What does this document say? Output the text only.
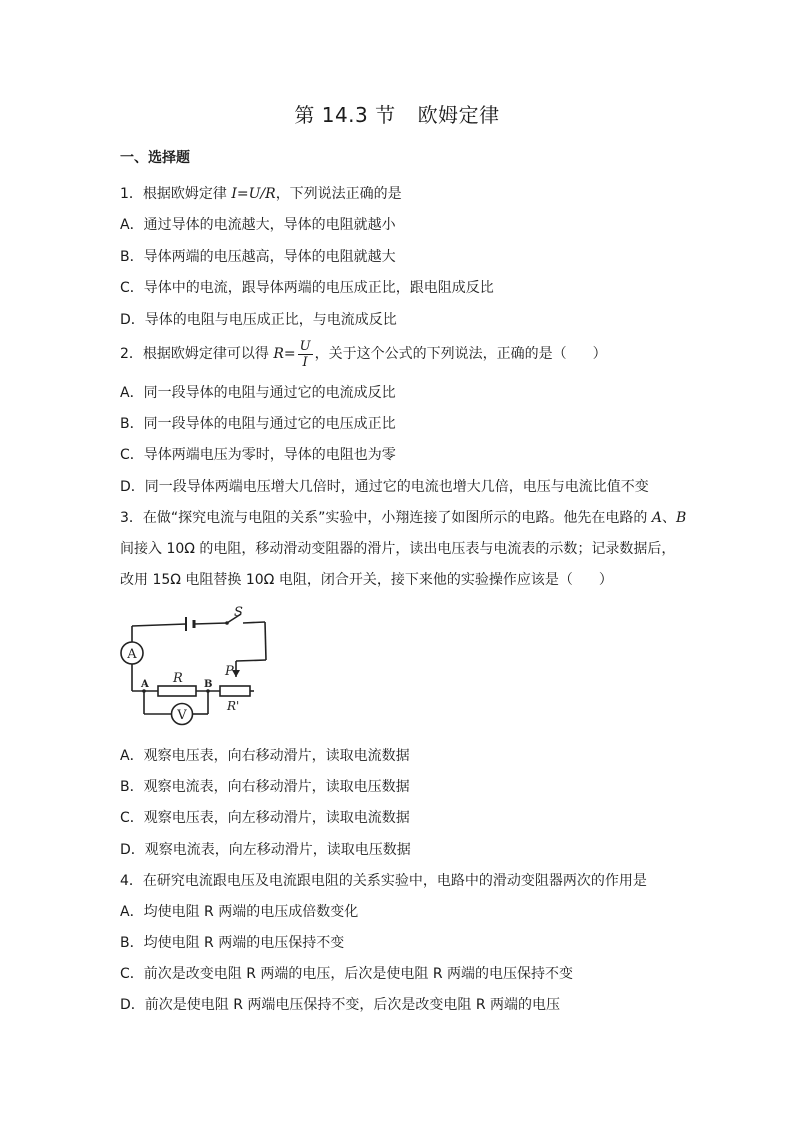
第 14.3 节 欧姆定律
一、选择题
1．根据欧姆定律 I=U/R，下列说法正确的是
A．通过导体的电流越大，导体的电阻就越小
B．导体两端的电压越高，导体的电阻就越大
C．导体中的电流，跟导体两端的电压成正比，跟电阻成反比
D．导体的电阻与电压成正比，与电流成反比
2．根据欧姆定律可以得 $R= \frac{U}{I}$ ，关于这个公式的下列说法，正确的是（ ）
A．同一段导体的电阻与通过它的电流成反比
B．同一段导体的电阻与通过它的电压成正比
C．导体两端电压为零时，导体的电阻也为零
D．同一段导体两端电压增大几倍时，通过它的电流也增大几倍，电压与电流比值不变
3．在做“探究电流与电阻的关系”实验中，小翔连接了如图所示的电路。他先在电路的 A、B
间接入 10Ω 的电阻，移动滑动变阻器的滑片，读出电压表与电流表的示数；记录数据后，
改用 15Ω 电阻替换 10Ω 电阻，闭合开关，接下来他的实验操作应该是（ ）
S
A
V
A	B
R	P
R'
A．观察电压表，向右移动滑片，读取电流数据
B．观察电流表，向右移动滑片，读取电压数据
C．观察电压表，向左移动滑片，读取电流数据
D．观察电流表，向左移动滑片，读取电压数据
4．在研究电流跟电压及电流跟电阻的关系实验中，电路中的滑动变阻器两次的作用是
A．均使电阻 R 两端的电压成倍数变化
B．均使电阻 R 两端的电压保持不变
C．前次是改变电阻 R 两端的电压，后次是使电阻 R 两端的电压保持不变
D．前次是使电阻 R 两端电压保持不变，后次是改变电阻 R 两端的电压
